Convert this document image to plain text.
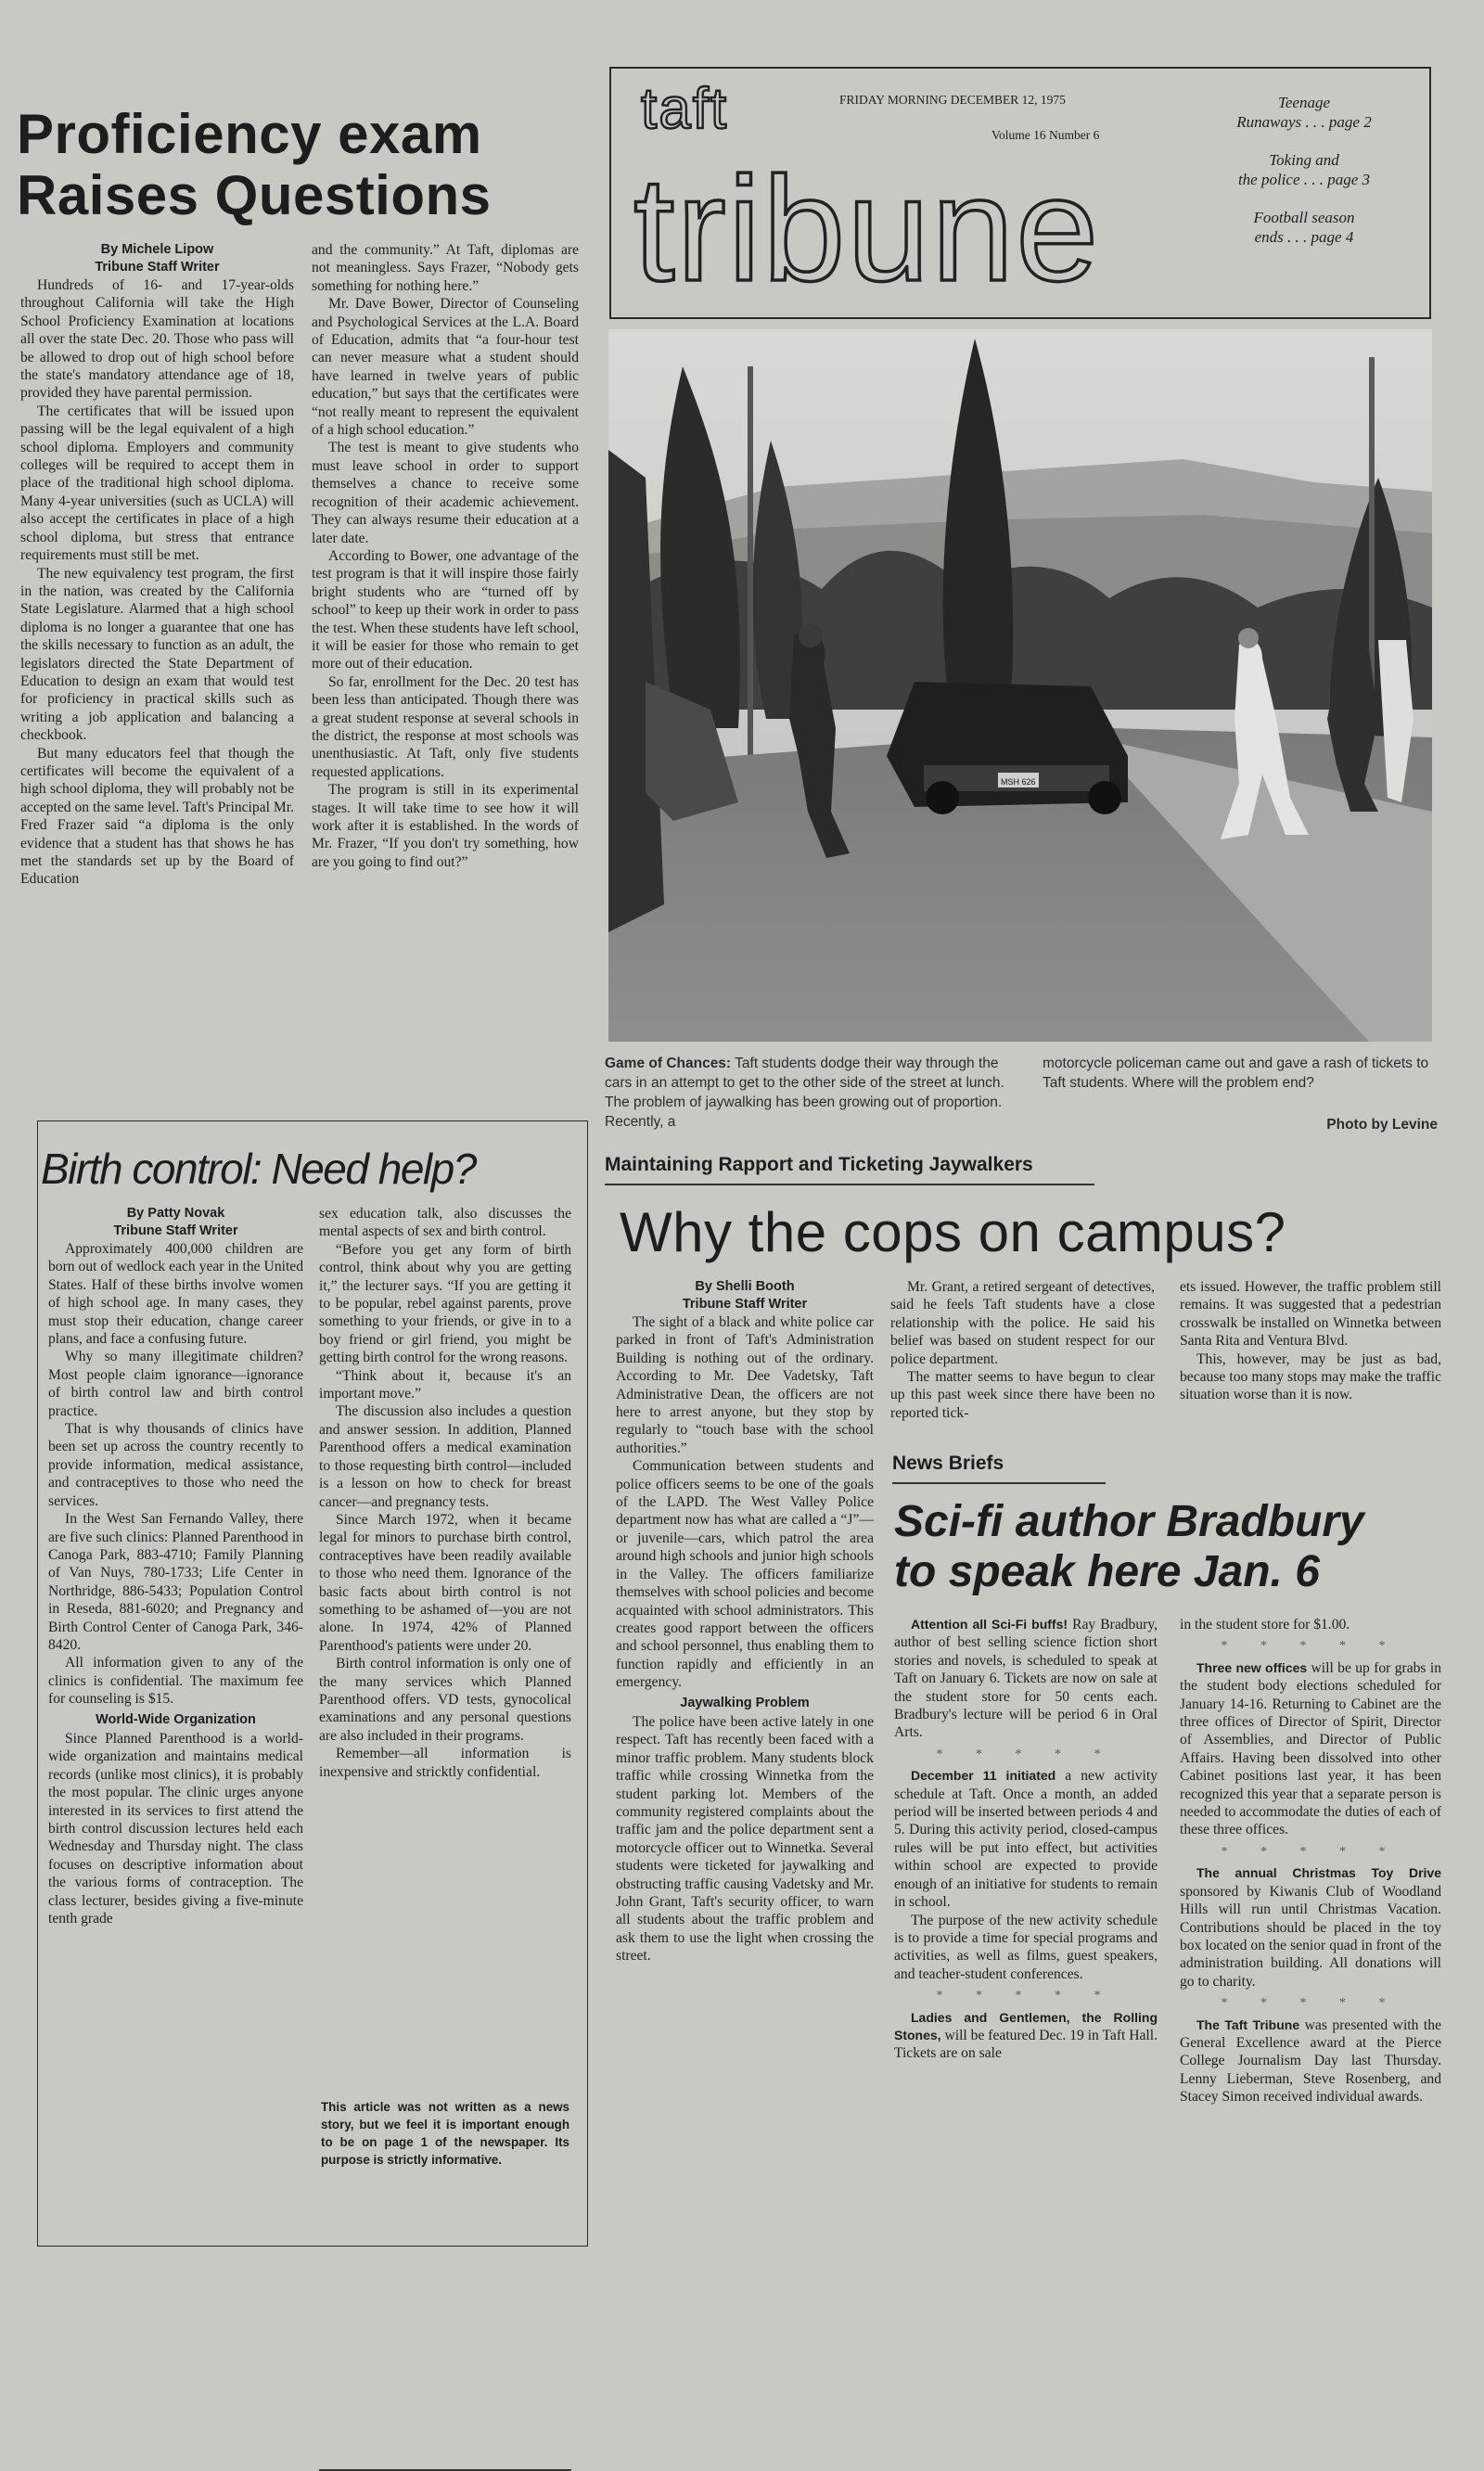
Proficiency exam
Raises Questions
By Michele Lipow
Tribune Staff Writer

Hundreds of 16- and 17-year-olds throughout California will take the High School Proficiency Examination at locations all over the state Dec. 20. Those who pass will be allowed to drop out of high school before the state's mandatory attendance age of 18, provided they have parental permission.

The certificates that will be issued upon passing will be the legal equivalent of a high school diploma. Employers and community colleges will be required to accept them in place of the traditional high school diploma. Many 4-year universities (such as UCLA) will also accept the certificates in place of a high school diploma, but stress that entrance requirements must still be met.

The new equivalency test program, the first in the nation, was created by the California State Legislature. Alarmed that a high school diploma is no longer a guarantee that one has the skills necessary to function as an adult, the legislators directed the State Department of Education to design an exam that would test for proficiency in practical skills such as writing a job application and balancing a checkbook.

But many educators feel that though the certificates will become the equivalent of a high school diploma, they will probably not be accepted on the same level. Taft's Principal Mr. Fred Frazer said “a diploma is the only evidence that a student has that shows he has met the standards set up by the Board of Education

and the community.” At Taft, diplomas are not meaningless. Says Frazer, “Nobody gets something for nothing here.”

Mr. Dave Bower, Director of Counseling and Psychological Services at the L.A. Board of Education, admits that “a four-hour test can never measure what a student should have learned in twelve years of public education,” but says that the certificates were “not really meant to represent the equivalent of a high school education.”

The test is meant to give students who must leave school in order to support themselves a chance to receive some recognition of their academic achievement. They can always resume their education at a later date.

According to Bower, one advantage of the test program is that it will inspire those fairly bright students who are “turned off by school” to keep up their work in order to pass the test. When these students have left school, it will be easier for those who remain to get more out of their education.

So far, enrollment for the Dec. 20 test has been less than anticipated. Though there was a great student response at several schools in the district, the response at most schools was unenthusiastic. At Taft, only five students requested applications.

The program is still in its experimental stages. It will take time to see how it will work after it is established. In the words of Mr. Frazer, “If you don't try something, how are you going to find out?”

taft
tribune
FRIDAY MORNING DECEMBER 12, 1975
Volume 16 Number 6
Teenage
Runaways . . . page 2
Toking and
the police . . . page 3
Football season
ends . . . page 4
MSH 626
Game of Chances: Taft students dodge their way through the cars in an attempt to get to the other side of the street at lunch. The problem of jaywalking has been growing out of proportion. Recently, a
motorcycle policeman came out and gave a rash of tickets to Taft students. Where will the problem end?
Photo by Levine
Birth control: Need help?
By Patty Novak
Tribune Staff Writer

Approximately 400,000 children are born out of wedlock each year in the United States. Half of these births involve women of high school age. In many cases, they must stop their education, change career plans, and face a confusing future.

Why so many illegitimate children? Most people claim ignorance—ignorance of birth control law and birth control practice.

That is why thousands of clinics have been set up across the country recently to provide information, medical assistance, and contraceptives to those who need the services.

In the West San Fernando Valley, there are five such clinics: Planned Parenthood in Canoga Park, 883-4710; Family Planning of Van Nuys, 780-1733; Life Center in Northridge, 886-5433; Population Control in Reseda, 881-6020; and Pregnancy and Birth Control Center of Canoga Park, 346-8420.

All information given to any of the clinics is confidential. The maximum fee for counseling is $15.

World-Wide Organization

Since Planned Parenthood is a world-wide organization and maintains medical records (unlike most clinics), it is probably the most popular. The clinic urges anyone interested in its services to first attend the birth control discussion lectures held each Wednesday and Thursday night. The class focuses on descriptive information about the various forms of contraception. The class lecturer, besides giving a five-minute tenth grade

sex education talk, also discusses the mental aspects of sex and birth control.

“Before you get any form of birth control, think about why you are getting it,” the lecturer says. “If you are getting it to be popular, rebel against parents, prove something to your friends, or give in to a boy friend or girl friend, you might be getting birth control for the wrong reasons.

“Think about it, because it's an important move.”

The discussion also includes a question and answer session. In addition, Planned Parenthood offers a medical examination to those requesting birth control—included is a lesson on how to check for breast cancer—and pregnancy tests.

Since March 1972, when it became legal for minors to purchase birth control, contraceptives have been readily available to those who need them. Ignorance of the basic facts about birth control is not something to be ashamed of—you are not alone. In 1974, 42% of Planned Parenthood's patients were under 20.

Birth control information is only one of the many services which Planned Parenthood offers. VD tests, gynocolical examinations and any personal questions are also included in their programs.

Remember—all information is inexpensive and stricktly confidential.

This article was not written as a news story, but we feel it is important enough to be on page 1 of the newspaper. Its purpose is strictly informative.
Maintaining Rapport and Ticketing Jaywalkers
Why the cops on campus?
By Shelli Booth
Tribune Staff Writer

The sight of a black and white police car parked in front of Taft's Administration Building is nothing out of the ordinary. According to Mr. Dee Vadetsky, Taft Administrative Dean, the officers are not here to arrest anyone, but they stop by regularly to “touch base with the school authorities.”

Communication between students and police officers seems to be one of the goals of the LAPD. The West Valley Police department now has what are called a “J”—or juvenile—cars, which patrol the area around high schools and junior high schools in the Valley. The officers familiarize themselves with school policies and become acquainted with school administrators. This creates good rapport between the officers and school personnel, thus enabling them to function rapidly and efficiently in an emergency.

Jaywalking Problem

The police have been active lately in one respect. Taft has recently been faced with a minor traffic problem. Many students block traffic while crossing Winnetka from the student parking lot. Members of the community registered complaints about the traffic jam and the police department sent a motorcycle officer out to Winnetka. Several students were ticketed for jaywalking and obstructing traffic causing Vadetsky and Mr. John Grant, Taft's security officer, to warn all students about the traffic problem and ask them to use the light when crossing the street.

Mr. Grant, a retired sergeant of detectives, said he feels Taft students have a close relationship with the police. He said his belief was based on student respect for our police department.

The matter seems to have begun to clear up this past week since there have been no reported tick-

ets issued. However, the traffic problem still remains. It was suggested that a pedestrian crosswalk be installed on Winnetka between Santa Rita and Ventura Blvd.

This, however, may be just as bad, because too many stops may make the traffic situation worse than it is now.

News Briefs
Sci-fi author Bradbury
to speak here Jan. 6

Attention all Sci-Fi buffs! Ray Bradbury, author of best selling science fiction short stories and novels, is scheduled to speak at Taft on January 6. Tickets are now on sale at the student store for 50 cents each. Bradbury's lecture will be period 6 in Oral Arts.

* * * * *

December 11 initiated a new activity schedule at Taft. Once a month, an added period will be inserted between periods 4 and 5. During this activity period, closed-campus rules will be put into effect, but activities within school are expected to provide enough of an initiative for students to remain in school.

The purpose of the new activity schedule is to provide a time for special programs and activities, as well as films, guest speakers, and teacher-student conferences.

* * * * *

Ladies and Gentlemen, the Rolling Stones, will be featured Dec. 19 in Taft Hall. Tickets are on sale

in the student store for $1.00.

* * * * *

Three new offices will be up for grabs in the student body elections scheduled for January 14-16. Returning to Cabinet are the three offices of Director of Spirit, Director of Assemblies, and Director of Public Affairs. Having been dissolved into other Cabinet positions last year, it has been recognized this year that a separate person is needed to accommodate the duties of each of these three offices.

* * * * *

The annual Christmas Toy Drive sponsored by Kiwanis Club of Woodland Hills will run until Christmas Vacation. Contributions should be placed in the toy box located on the senior quad in front of the administration building. All donations will go to charity.

* * * * *

The Taft Tribune was presented with the General Excellence award at the Pierce College Journalism Day last Thursday. Lenny Lieberman, Steve Rosenberg, and Stacey Simon received individual awards.
